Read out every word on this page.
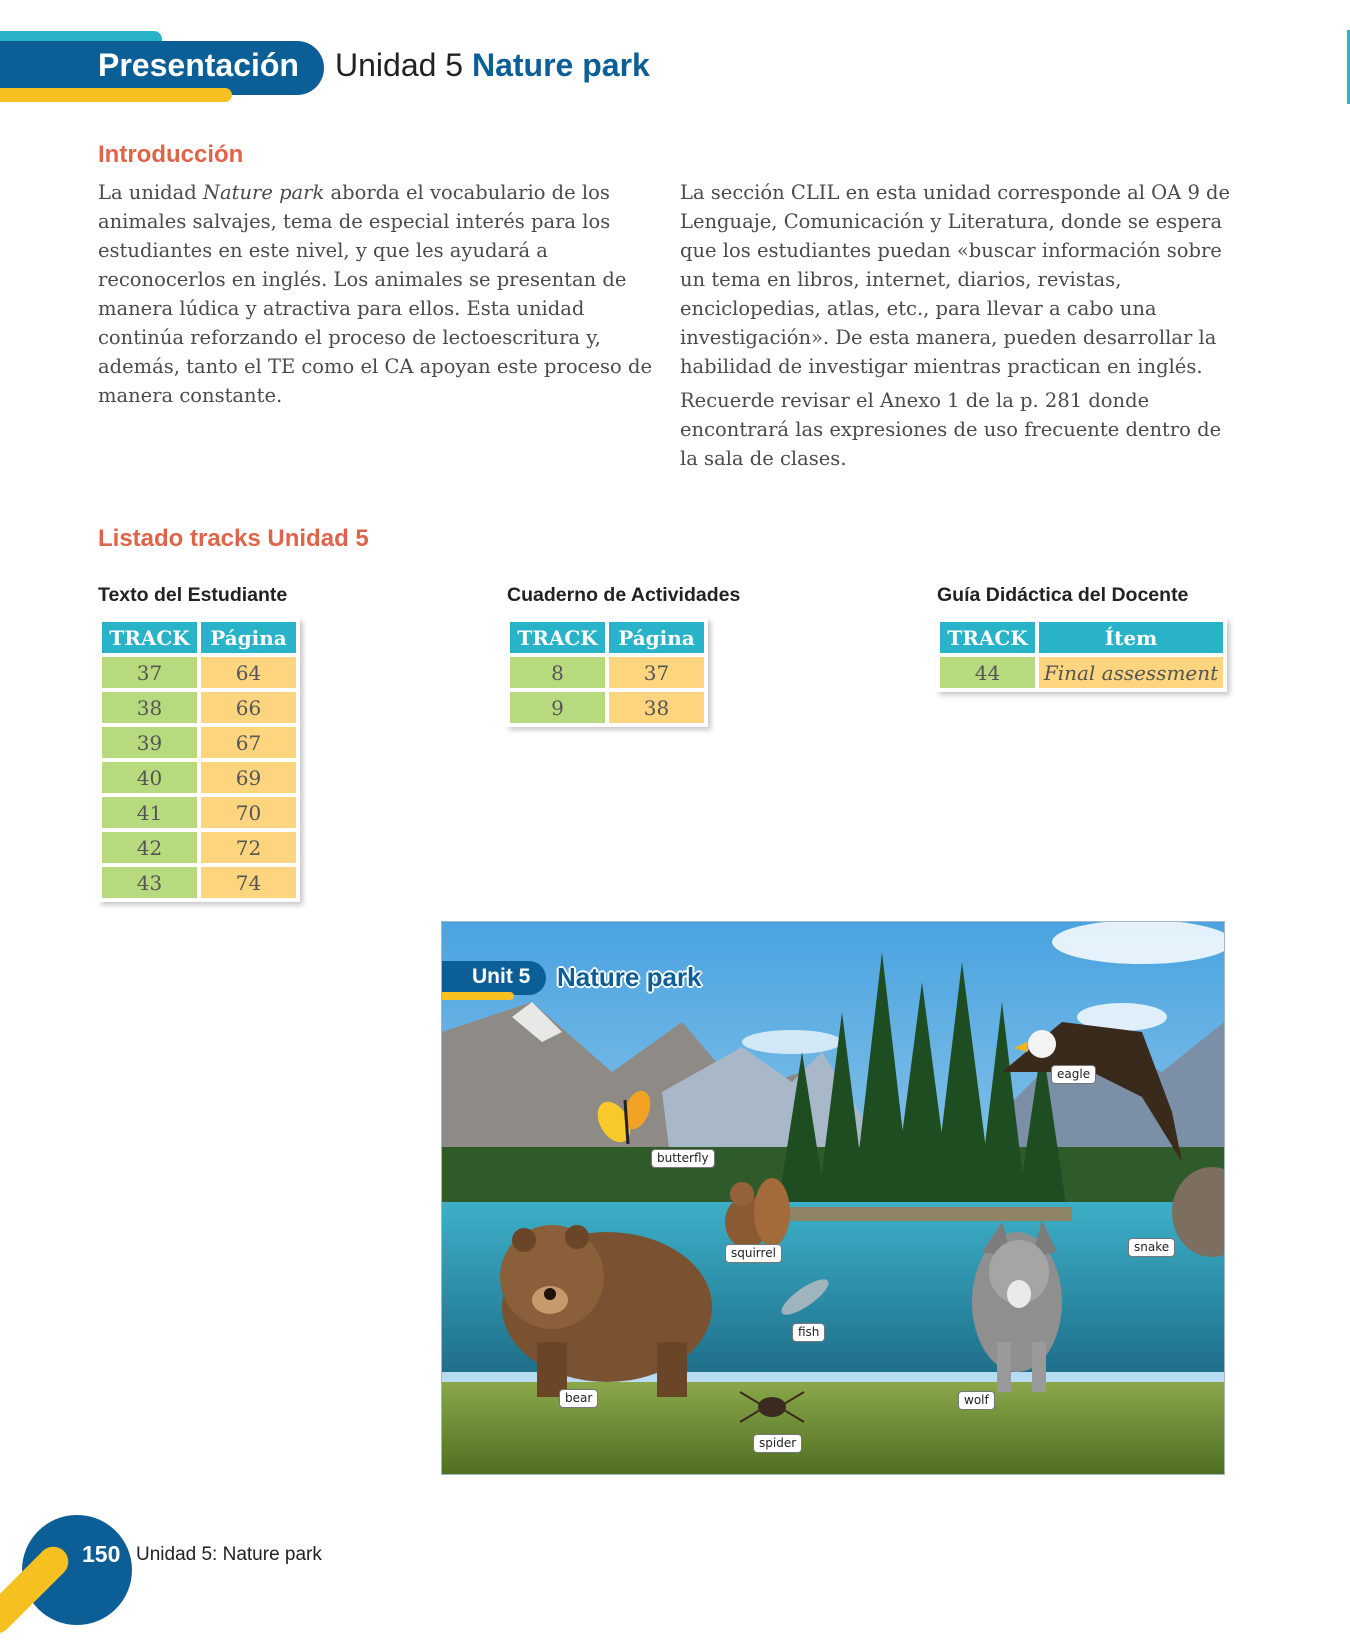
Presentación Unidad 5 Nature park
Introducción

La unidad Nature park aborda el vocabulario de los animales salvajes, tema de especial interés para los estudiantes en este nivel, y que les ayudará a reconocerlos en inglés. Los animales se presentan de manera lúdica y atractiva para ellos. Esta unidad continúa reforzando el proceso de lectoescritura y, además, tanto el TE como el CA apoyan este proceso de manera constante.

La sección CLIL en esta unidad corresponde al OA 9 de Lenguaje, Comunicación y Literatura, donde se espera que los estudiantes puedan «buscar información sobre un tema en libros, internet, diarios, revistas, enciclopedias, atlas, etc., para llevar a cabo una investigación». De esta manera, pueden desarrollar la habilidad de investigar mientras practican en inglés.

Recuerde revisar el Anexo 1 de la p. 281 donde encontrará las expresiones de uso frecuente dentro de la sala de clases.

Listado tracks Unidad 5
Texto del Estudiante	Cuaderno de Actividades	Guía Didáctica del Docente
TRACK	Página
37	64
38	66
39	67
40	69
41	70
42	72
43	74
TRACK	Página
8	37
9	38
TRACK	Ítem
44	Final assessment
Unit 5 Nature park
eagle
butterfly
squirrel	snake
fish
bear	wolf
spider
150 Unidad 5: Nature park
